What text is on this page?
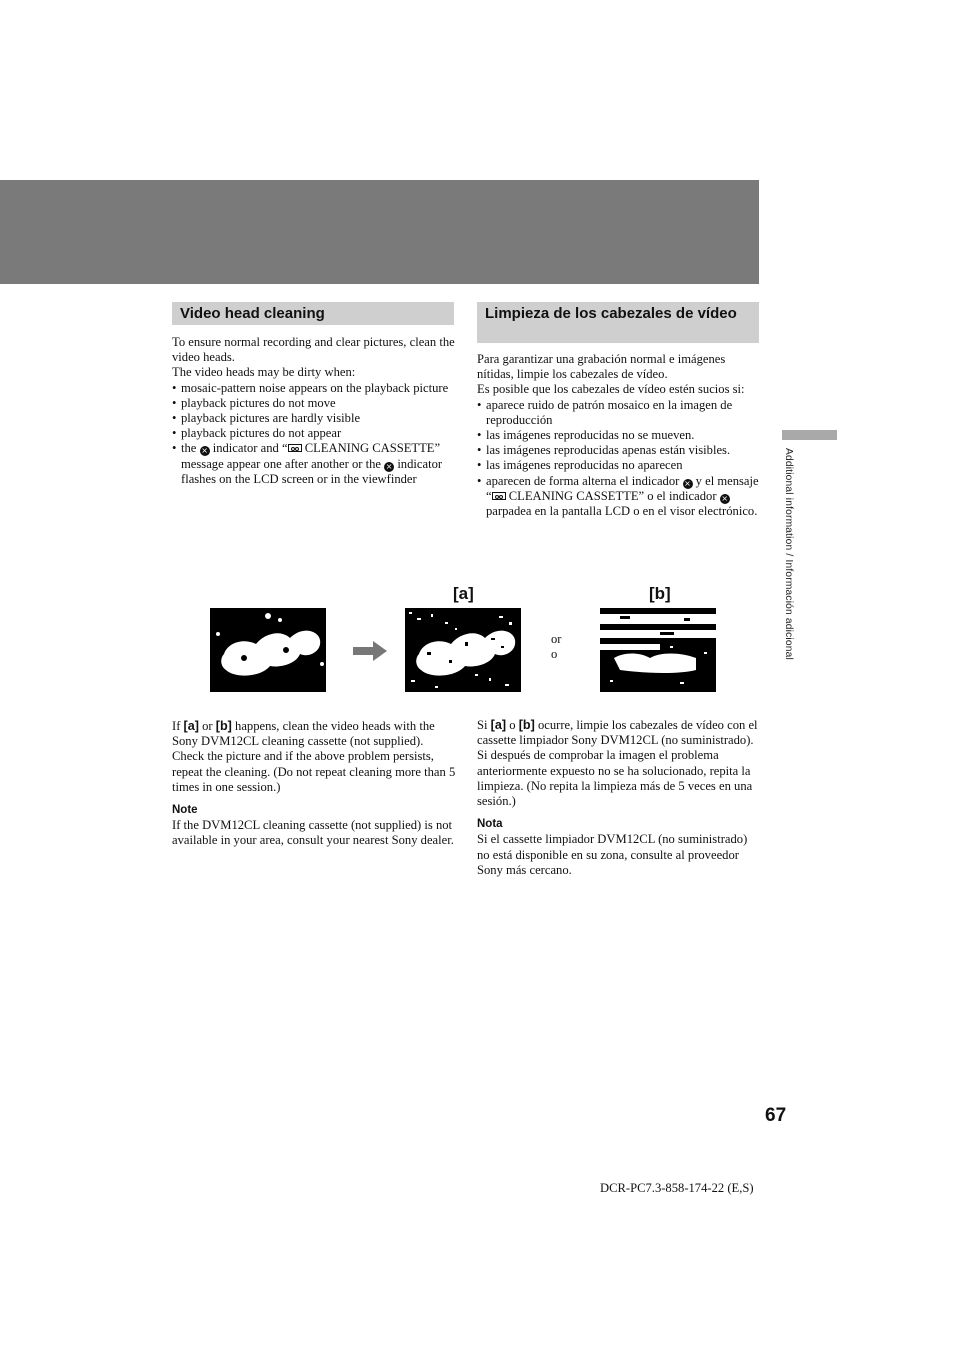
Additional information / Información adicional
Video head cleaning

To ensure normal recording and clear pictures, clean the video heads.

The video heads may be dirty when:

• mosaic-pattern noise appears on the playback picture
• playback pictures do not move
• playback pictures are hardly visible
• playback pictures do not appear
• the × indicator and “ CLEANING CASSETTE” message appear one after another or the × indicator flashes on the LCD screen or in the viewfinder
Limpieza de los cabezales de vídeo

Para garantizar una grabación normal e imágenes nítidas, limpie los cabezales de vídeo.

Es posible que los cabezales de vídeo estén sucios si:

• aparece ruido de patrón mosaico en la imagen de reproducción
• las imágenes reproducidas no se mueven.
• las imágenes reproducidas apenas están visibles.
• las imágenes reproducidas no aparecen
• aparecen de forma alterna el indicador × y el mensaje “ CLEANING CASSETTE” o el indicador × parpadea en la pantalla LCD o en el visor electrónico.
[a]
or
o
[b]

If [a] or [b] happens, clean the video heads with the Sony DVM12CL cleaning cassette (not supplied). Check the picture and if the above problem persists, repeat the cleaning. (Do not repeat cleaning more than 5 times in one session.)

Note

If the DVM12CL cleaning cassette (not supplied) is not available in your area, consult your nearest Sony dealer.

Si [a] o [b] ocurre, limpie los cabezales de vídeo con el cassette limpiador Sony DVM12CL (no suministrado). Si después de comprobar la imagen el problema anteriormente expuesto no se ha solucionado, repita la limpieza. (No repita la limpieza más de 5 veces en una sesión.)

Nota

Si el cassette limpiador DVM12CL (no suministrado) no está disponible en su zona, consulte al proveedor Sony más cercano.

67
DCR-PC7.3-858-174-22 (E,S)
